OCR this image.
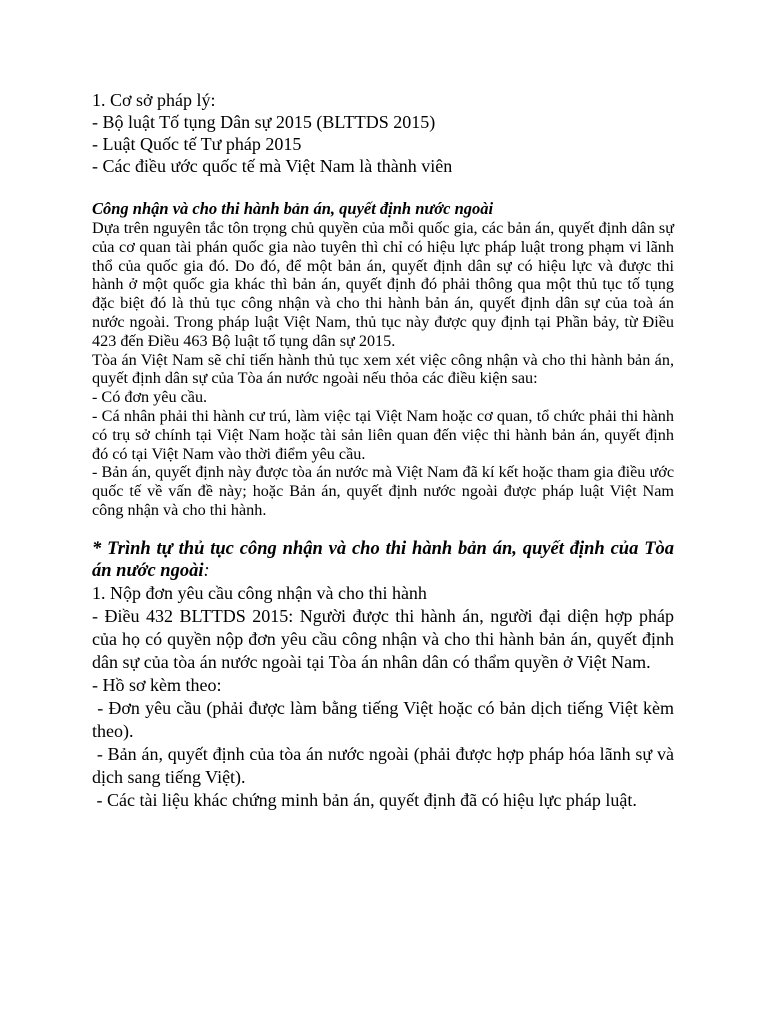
1. Cơ sở pháp lý:
- Bộ luật Tố tụng Dân sự 2015 (BLTTDS 2015)
- Luật Quốc tế Tư pháp 2015
- Các điều ước quốc tế mà Việt Nam là thành viên
Công nhận và cho thi hành bản án, quyết định nước ngoài
Dựa trên nguyên tắc tôn trọng chủ quyền của mỗi quốc gia, các bản án, quyết định dân sự của cơ quan tài phán quốc gia nào tuyên thì chỉ có hiệu lực pháp luật trong phạm vi lãnh thổ của quốc gia đó. Do đó, để một bản án, quyết định dân sự có hiệu lực và được thi hành ở một quốc gia khác thì bản án, quyết định đó phải thông qua một thủ tục tố tụng đặc biệt đó là thủ tục công nhận và cho thi hành bản án, quyết định dân sự của toà án nước ngoài. Trong pháp luật Việt Nam, thủ tục này được quy định tại Phần bảy, từ Điều 423 đến Điều 463 Bộ luật tố tụng dân sự 2015.
Tòa án Việt Nam sẽ chỉ tiến hành thủ tục xem xét việc công nhận và cho thi hành bản án, quyết định dân sự của Tòa án nước ngoài nếu thỏa các điều kiện sau:
- Có đơn yêu cầu.
- Cá nhân phải thi hành cư trú, làm việc tại Việt Nam hoặc cơ quan, tổ chức phải thi hành có trụ sở chính tại Việt Nam hoặc tài sản liên quan đến việc thi hành bản án, quyết định đó có tại Việt Nam vào thời điểm yêu cầu.
- Bản án, quyết định này được tòa án nước mà Việt Nam đã kí kết hoặc tham gia điều ước quốc tế về vấn đề này; hoặc Bản án, quyết định nước ngoài được pháp luật Việt Nam công nhận và cho thi hành.
* Trình tự thủ tục công nhận và cho thi hành bản án, quyết định của Tòa án nước ngoài:
1. Nộp đơn yêu cầu công nhận và cho thi hành
- Điều 432 BLTTDS 2015: Người được thi hành án, người đại diện hợp pháp của họ có quyền nộp đơn yêu cầu công nhận và cho thi hành bản án, quyết định dân sự của tòa án nước ngoài tại Tòa án nhân dân có thẩm quyền ở Việt Nam.
- Hồ sơ kèm theo:
- Đơn yêu cầu (phải được làm bằng tiếng Việt hoặc có bản dịch tiếng Việt kèm theo).
- Bản án, quyết định của tòa án nước ngoài (phải được hợp pháp hóa lãnh sự và dịch sang tiếng Việt).
- Các tài liệu khác chứng minh bản án, quyết định đã có hiệu lực pháp luật.
